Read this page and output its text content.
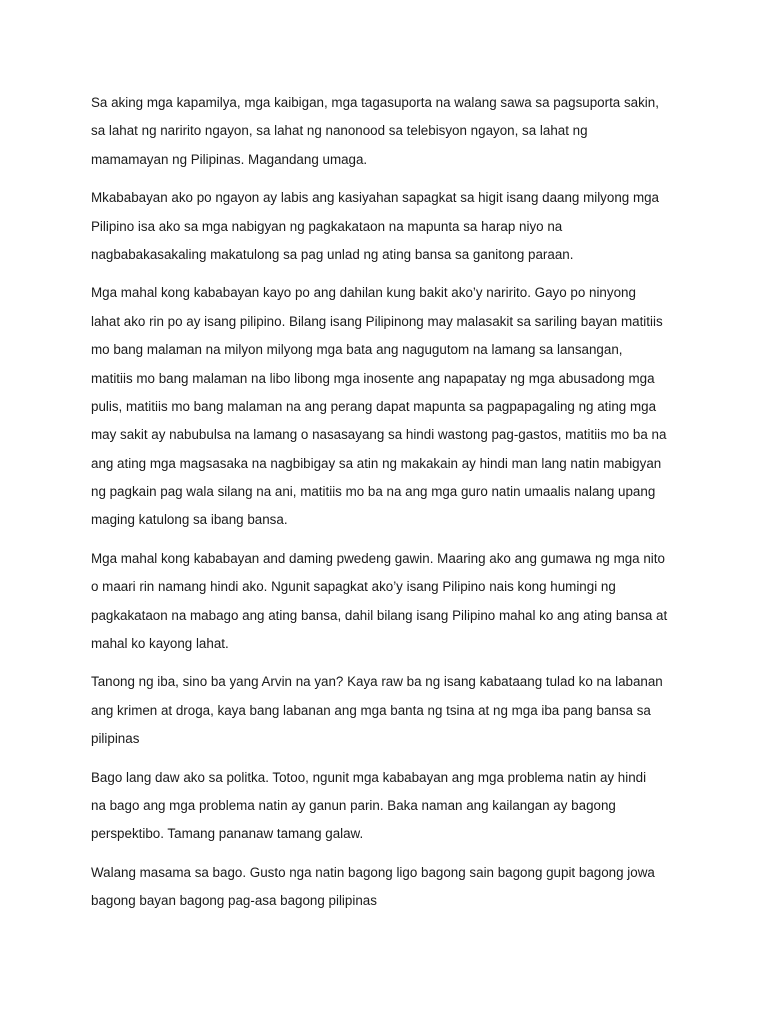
Sa aking mga kapamilya, mga kaibigan, mga tagasuporta na walang sawa sa pagsuporta sakin,
sa lahat ng naririto ngayon, sa lahat ng nanonood sa telebisyon ngayon, sa lahat ng
mamamayan ng Pilipinas. Magandang umaga.

Mkababayan ako po ngayon ay labis ang kasiyahan sapagkat sa higit isang daang milyong mga
Pilipino isa ako sa mga nabigyan ng pagkakataon na mapunta sa harap niyo na
nagbabakasakaling makatulong sa pag unlad ng ating bansa sa ganitong paraan.

Mga mahal kong kababayan kayo po ang dahilan kung bakit ako’y naririto. Gayo po ninyong
lahat ako rin po ay isang pilipino. Bilang isang Pilipinong may malasakit sa sariling bayan matitiis
mo bang malaman na milyon milyong mga bata ang nagugutom na lamang sa lansangan,
matitiis mo bang malaman na libo libong mga inosente ang napapatay ng mga abusadong mga
pulis, matitiis mo bang malaman na ang perang dapat mapunta sa pagpapagaling ng ating mga
may sakit ay nabubulsa na lamang o nasasayang sa hindi wastong pag-gastos, matitiis mo ba na
ang ating mga magsasaka na nagbibigay sa atin ng makakain ay hindi man lang natin mabigyan
ng pagkain pag wala silang na ani, matitiis mo ba na ang mga guro natin umaalis nalang upang
maging katulong sa ibang bansa.

Mga mahal kong kababayan and daming pwedeng gawin. Maaring ako ang gumawa ng mga nito
o maari rin namang hindi ako. Ngunit sapagkat ako’y isang Pilipino nais kong humingi ng
pagkakataon na mabago ang ating bansa, dahil bilang isang Pilipino mahal ko ang ating bansa at
mahal ko kayong lahat.

Tanong ng iba, sino ba yang Arvin na yan? Kaya raw ba ng isang kabataang tulad ko na labanan
ang krimen at droga, kaya bang labanan ang mga banta ng tsina at ng mga iba pang bansa sa
pilipinas

Bago lang daw ako sa politka. Totoo, ngunit mga kababayan ang mga problema natin ay hindi
na bago ang mga problema natin ay ganun parin. Baka naman ang kailangan ay bagong
perspektibo. Tamang pananaw tamang galaw.

Walang masama sa bago. Gusto nga natin bagong ligo bagong sain bagong gupit bagong jowa
bagong bayan bagong pag-asa bagong pilipinas
